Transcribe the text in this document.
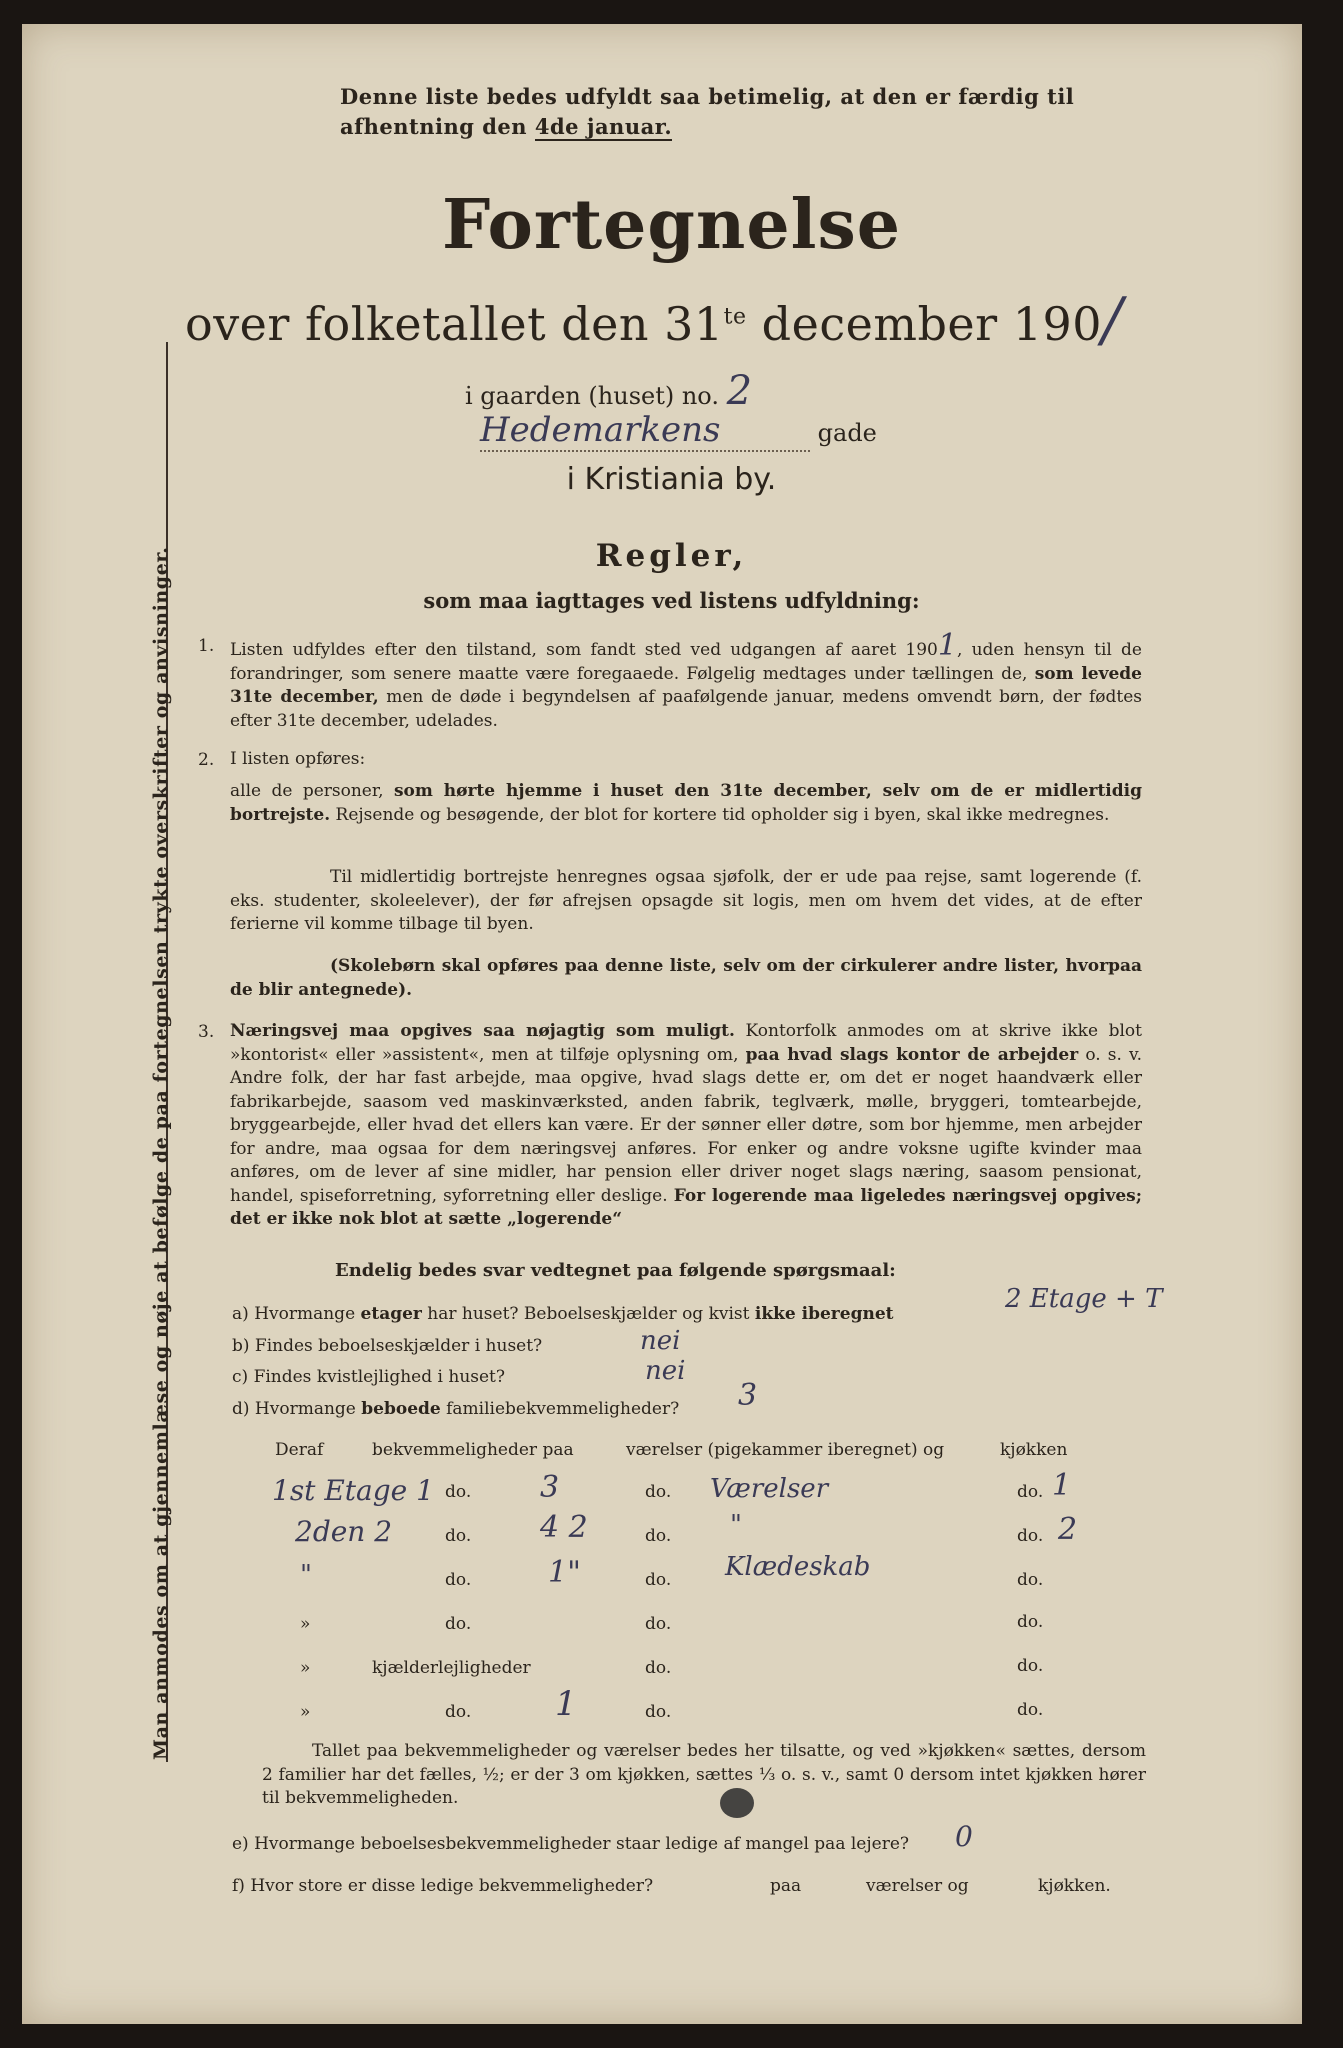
Man anmodes om at gjennemlæse og nøje at befølge de paa fortegnelsen trykte overskrifter og anvisninger.
Denne liste bedes udfyldt saa betimelig, at den er færdig til
afhentning den 4de januar.
Fortegnelse
over folketallet den $31^{te}$ december 190/
i gaarden (huset) no. 2
Hedemarkens	gade
i Kristiania by.
Regler,
som maa iagttages ved listens udfyldning:
1. Listen udfyldes efter den tilstand, som fandt sted ved udgangen af aaret 1901, uden hensyn til de forandringer, som senere maatte være foregaaede. Følgelig medtages under tællingen de, som levede 31te december, men de døde i begyndelsen af paafølgende januar, medens omvendt børn, der fødtes efter 31te december, udelades.
2. I listen opføres:
alle de personer, som hørte hjemme i huset den 31te december, selv om de er midlertidig bortrejste. Rejsende og besøgende, der blot for kortere tid opholder sig i byen, skal ikke medregnes.
Til midlertidig bortrejste henregnes ogsaa sjøfolk, der er ude paa rejse, samt logerende (f. eks. studenter, skoleelever), der før afrejsen opsagde sit logis, men om hvem det vides, at de efter ferierne vil komme tilbage til byen.
(Skolebørn skal opføres paa denne liste, selv om der cirkulerer andre lister, hvorpaa de blir antegnede).
3. Næringsvej maa opgives saa nøjagtig som muligt. Kontorfolk anmodes om at skrive ikke blot »kontorist« eller »assistent«, men at tilføje oplysning om, paa hvad slags kontor de arbejder o. s. v. Andre folk, der har fast arbejde, maa opgive, hvad slags dette er, om det er noget haandværk eller fabrikarbejde, saasom ved maskinværksted, anden fabrik, teglværk, mølle, bryggeri, tomtearbejde, bryggearbejde, eller hvad det ellers kan være. Er der sønner eller døtre, som bor hjemme, men arbejder for andre, maa ogsaa for dem næringsvej anføres. For enker og andre voksne ugifte kvinder maa anføres, om de lever af sine midler, har pension eller driver noget slags næring, saasom pensionat, handel, spiseforretning, syforretning eller deslige. For logerende maa ligeledes næringsvej opgives; det er ikke nok blot at sætte „logerende“
Endelig bedes svar vedtegnet paa følgende spørgsmaal:
a) Hvormange etager har huset? Beboelseskjælder og kvist ikke iberegnet	2 Etage + T
b) Findes beboelseskjælder i huset?	nei
c) Findes kvistlejlighed i huset?	nei
d) Hvormange beboede familiebekvemmeligheder? 3
Deraf	bekvemmeligheder paa	værelser (pigekammer iberegnet) og	kjøkken
1st Etage 1 do. 3	do. Værelser	do. 1
2den 2	do. 4 2	do. "	do. 2
"	do.	1"	do. Klædeskab	do.
»	do.	do.	do.
»	kjælderlejligheder	do.	do.
»	do. 1	do.	do.
Tallet paa bekvemmeligheder og værelser bedes her tilsatte, og ved »kjøkken« sættes, dersom 2 familier har det fælles, ½; er der 3 om kjøkken, sættes ⅓ o. s. v., samt 0 dersom intet kjøkken hører til bekvemmeligheden.
e) Hvormange beboelsesbekvemmeligheder staar ledige af mangel paa lejere? 0
f) Hvor store er disse ledige bekvemmeligheder?	paa	værelser og	kjøkken.
